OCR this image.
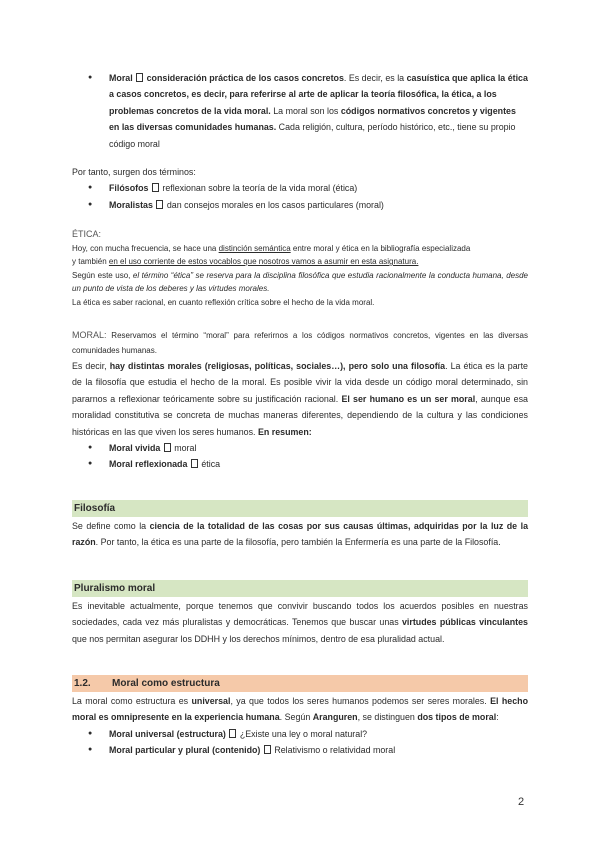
● Moral consideración práctica de los casos concretos. Es decir, es la casuística que aplica la ética a casos concretos, es decir, para referirse al arte de aplicar la teoría filosófica, la ética, a los problemas concretos de la vida moral. La moral son los códigos normativos concretos y vigentes en las diversas comunidades humanas. Cada religión, cultura, período histórico, etc., tiene su propio código moral

Por tanto, surgen dos términos:

● Filósofos  reflexionan sobre la teoría de la vida moral (ética)
● Moralistas  dan consejos morales en los casos particulares (moral)

ÉTICA:

Hoy, con mucha frecuencia, se hace una distinción semántica entre moral y ética en la bibliografía especializada

y también en el uso corriente de estos vocablos que nosotros vamos a asumir en esta asignatura.

Según este uso, el término “ética” se reserva para la disciplina filosófica que estudia racionalmente la conducta humana, desde un punto de vista de los deberes y las virtudes morales.

La ética es saber racional, en cuanto reflexión crítica sobre el hecho de la vida moral.

MORAL: Reservamos el término “moral” para referirnos a los códigos normativos concretos, vigentes en las diversas comunidades humanas.

Es decir, hay distintas morales (religiosas, políticas, sociales…), pero solo una filosofía. La ética es la parte de la filosofía que estudia el hecho de la moral. Es posible vivir la vida desde un código moral determinado, sin pararnos a reflexionar teóricamente sobre su justificación racional. El ser humano es un ser moral, aunque esa moralidad constitutiva se concreta de muchas maneras diferentes, dependiendo de la cultura y las condiciones históricas en las que viven los seres humanos. En resumen:

● Moral vivida  moral
● Moral reflexionada  ética
Filosofía

Se define como la ciencia de la totalidad de las cosas por sus causas últimas, adquiridas por la luz de la razón. Por tanto, la ética es una parte de la filosofía, pero también la Enfermería es una parte de la Filosofía.

Pluralismo moral

Es inevitable actualmente, porque tenemos que convivir buscando todos los acuerdos posibles en nuestras sociedades, cada vez más pluralistas y democráticas. Tenemos que buscar unas virtudes públicas vinculantes que nos permitan asegurar los DDHH y los derechos mínimos, dentro de esa pluralidad actual.

1.2. Moral como estructura

La moral como estructura es universal, ya que todos los seres humanos podemos ser seres morales. El hecho moral es omnipresente en la experiencia humana. Según Aranguren, se distinguen dos tipos de moral:

● Moral universal (estructura)  ¿Existe una ley o moral natural?
● Moral particular y plural (contenido)  Relativismo o relatividad moral
2
